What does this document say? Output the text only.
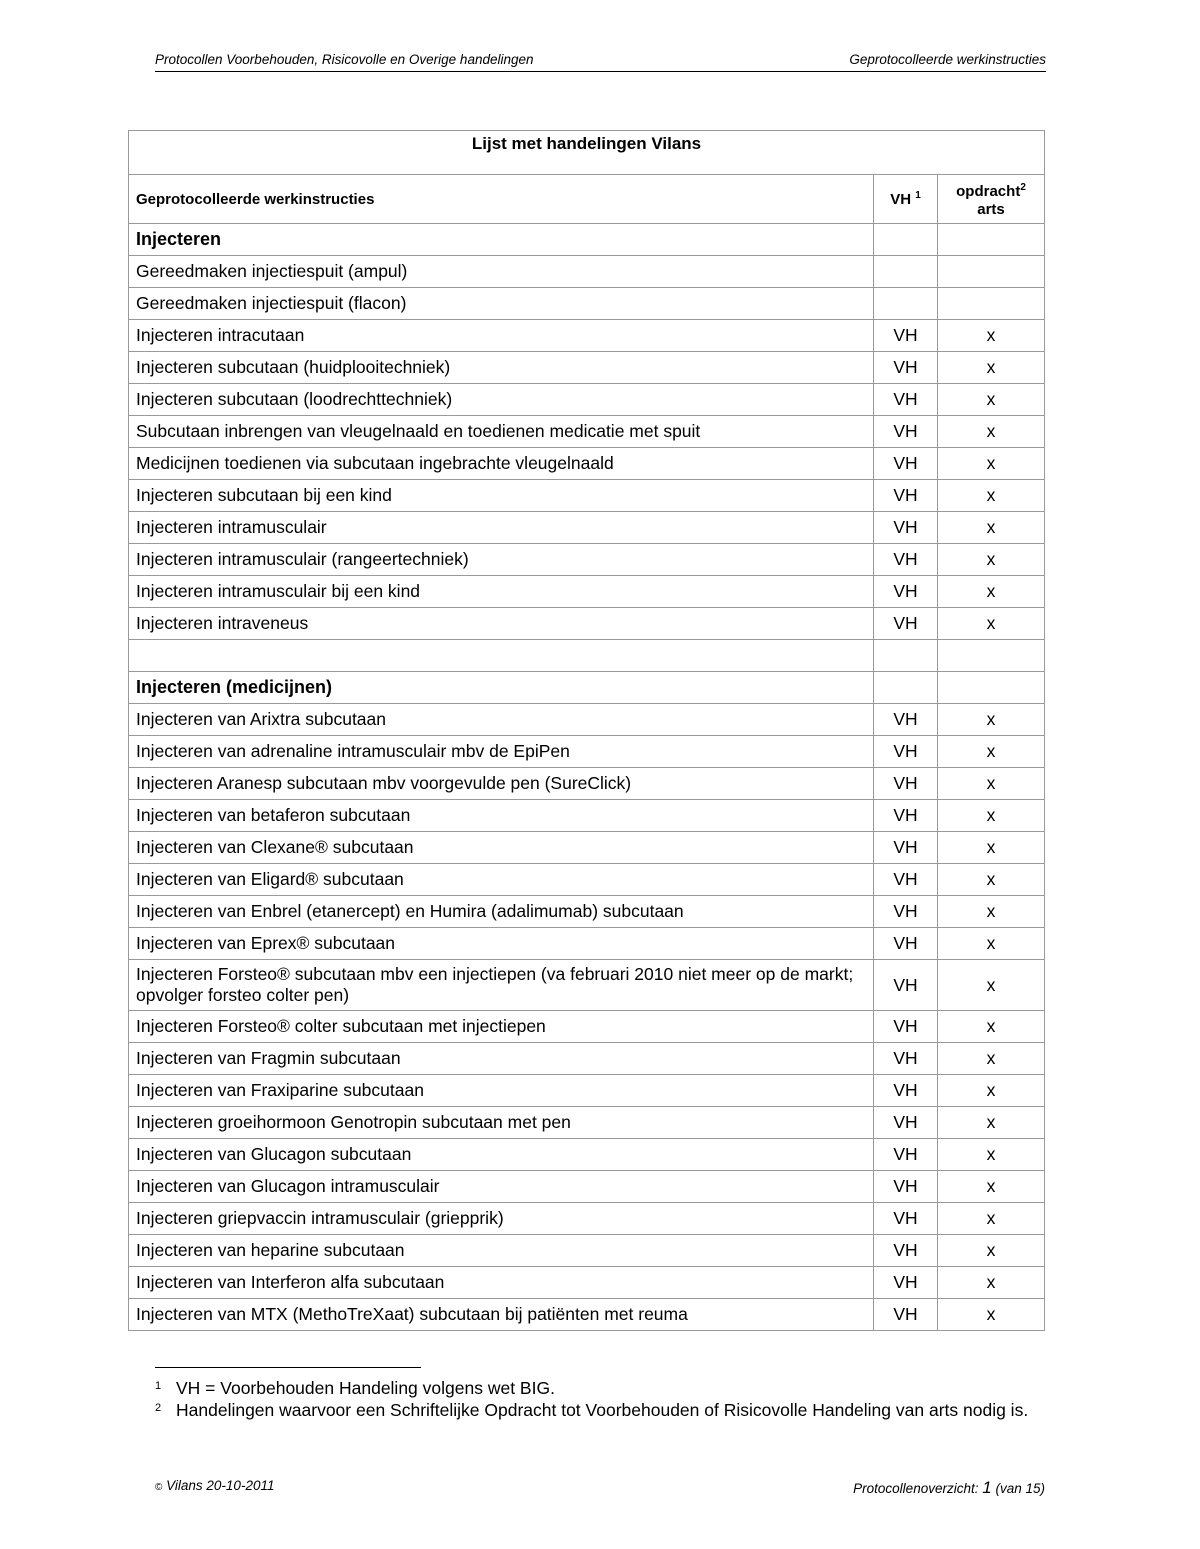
Protocollen Voorbehouden, Risicovolle en Overige handelingen	Geprotocolleerde werkinstructies
Lijst met handelingen Vilans		
Geprotocolleerde werkinstructies	VH $^1$	opdracht$^2$
arts
Injecteren		
Gereedmaken injectiespuit (ampul)		
Gereedmaken injectiespuit (flacon)		
Injecteren intracutaan	VH	x
Injecteren subcutaan (huidplooitechniek)	VH	x
Injecteren subcutaan (loodrechttechniek)	VH	x
Subcutaan inbrengen van vleugelnaald en toedienen medicatie met spuit	VH	x
Medicijnen toedienen via subcutaan ingebrachte vleugelnaald	VH	x
Injecteren subcutaan bij een kind	VH	x
Injecteren intramusculair	VH	x
Injecteren intramusculair (rangeertechniek)	VH	x
Injecteren intramusculair bij een kind	VH	x
Injecteren intraveneus	VH	x

Injecteren (medicijnen)		
Injecteren van Arixtra subcutaan	VH	x
Injecteren van adrenaline intramusculair mbv de EpiPen	VH	x
Injecteren Aranesp subcutaan mbv voorgevulde pen (SureClick)	VH	x
Injecteren van betaferon subcutaan	VH	x
Injecteren van Clexane® subcutaan	VH	x
Injecteren van Eligard® subcutaan	VH	x
Injecteren van Enbrel (etanercept) en Humira (adalimumab) subcutaan	VH	x
Injecteren van Eprex® subcutaan	VH	x
Injecteren Forsteo® subcutaan mbv een injectiepen (va februari 2010 niet meer op de markt; opvolger forsteo colter pen)	VH	x
Injecteren Forsteo® colter subcutaan met injectiepen	VH	x
Injecteren van Fragmin subcutaan	VH	x
Injecteren van Fraxiparine subcutaan	VH	x
Injecteren groeihormoon Genotropin subcutaan met pen	VH	x
Injecteren van Glucagon subcutaan	VH	x
Injecteren van Glucagon intramusculair	VH	x
Injecteren griepvaccin intramusculair (griepprik)	VH	x
Injecteren van heparine subcutaan	VH	x
Injecteren van Interferon alfa subcutaan	VH	x
Injecteren van MTX (MethoTreXaat) subcutaan bij patiënten met reuma	VH	x
1 VH = Voorbehouden Handeling volgens wet BIG.
2 Handelingen waarvoor een Schriftelijke Opdracht tot Voorbehouden of Risicovolle Handeling van arts nodig is.
© Vilans 20-10-2011	Protocollenoverzicht: 1 (van 15)
